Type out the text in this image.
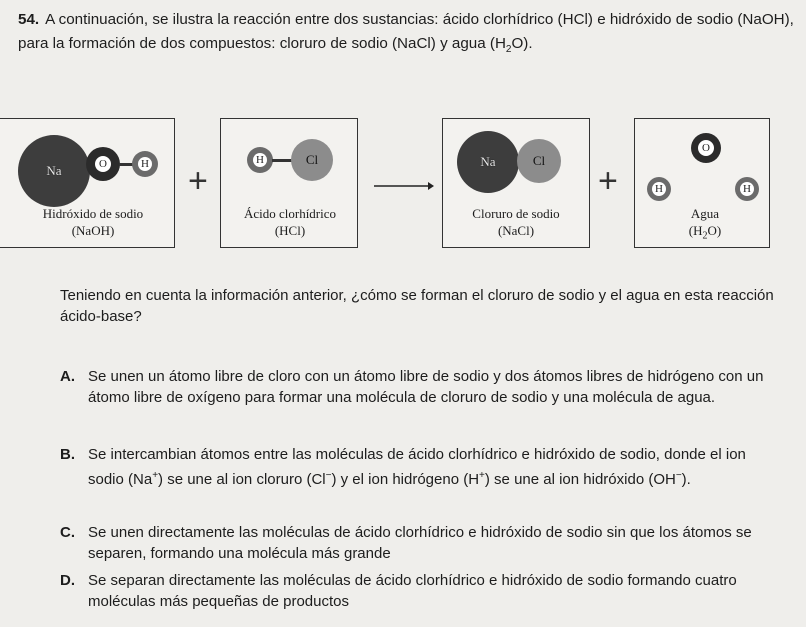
54. A continuación, se ilustra la reacción entre dos sustancias: ácido clorhídrico (HCl) e hidróxido de sodio (NaOH), para la formación de dos compuestos: cloruro de sodio (NaCl) y agua $(H_2O)$.
Na	O	H
Hidróxido de sodio
(NaOH)
+
H	Cl
Ácido clorhídrico
(HCl)
Na	Cl
Cloruro de sodio
(NaCl)
+
O
H	H
Agua
$(H_2O)$
Teniendo en cuenta la información anterior, ¿cómo se forman el cloruro de sodio y el agua en esta reacción ácido-base?
A. Se unen un átomo libre de cloro con un átomo libre de sodio y dos átomos libres de hidrógeno con un átomo libre de oxígeno para formar una molécula de cloruro de sodio y una molécula de agua.
B. Se intercambian átomos entre las moléculas de ácido clorhídrico e hidróxido de sodio, donde el ion sodio (Na+) se une al ion cloruro (Cl−) y el ion hidrógeno (H+) se une al ion hidróxido (OH−).
C. Se unen directamente las moléculas de ácido clorhídrico e hidróxido de sodio sin que los átomos se separen, formando una molécula más grande
D. Se separan directamente las moléculas de ácido clorhídrico e hidróxido de sodio formando cuatro moléculas más pequeñas de productos
